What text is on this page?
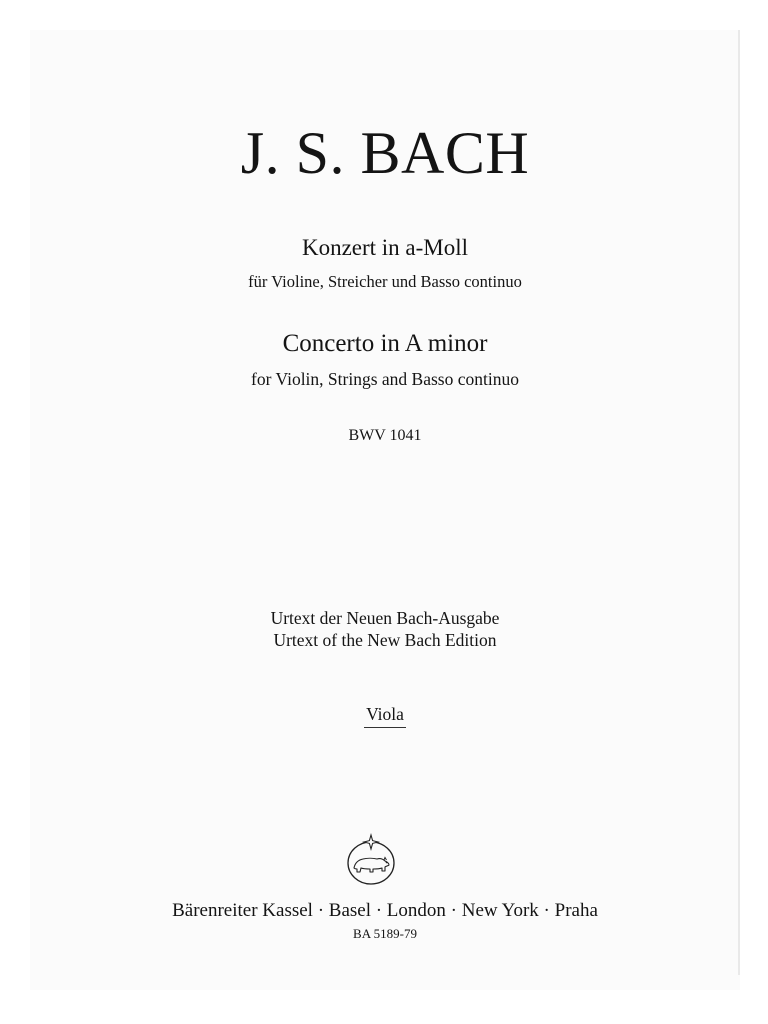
J. S. BACH
Konzert in a-Moll
für Violine, Streicher und Basso continuo
Concerto in A minor
for Violin, Strings and Basso continuo
BWV 1041
Urtext der Neuen Bach-Ausgabe
Urtext of the New Bach Edition
Viola
Bärenreiter Kassel · Basel · London · New York · Praha
BA 5189-79
